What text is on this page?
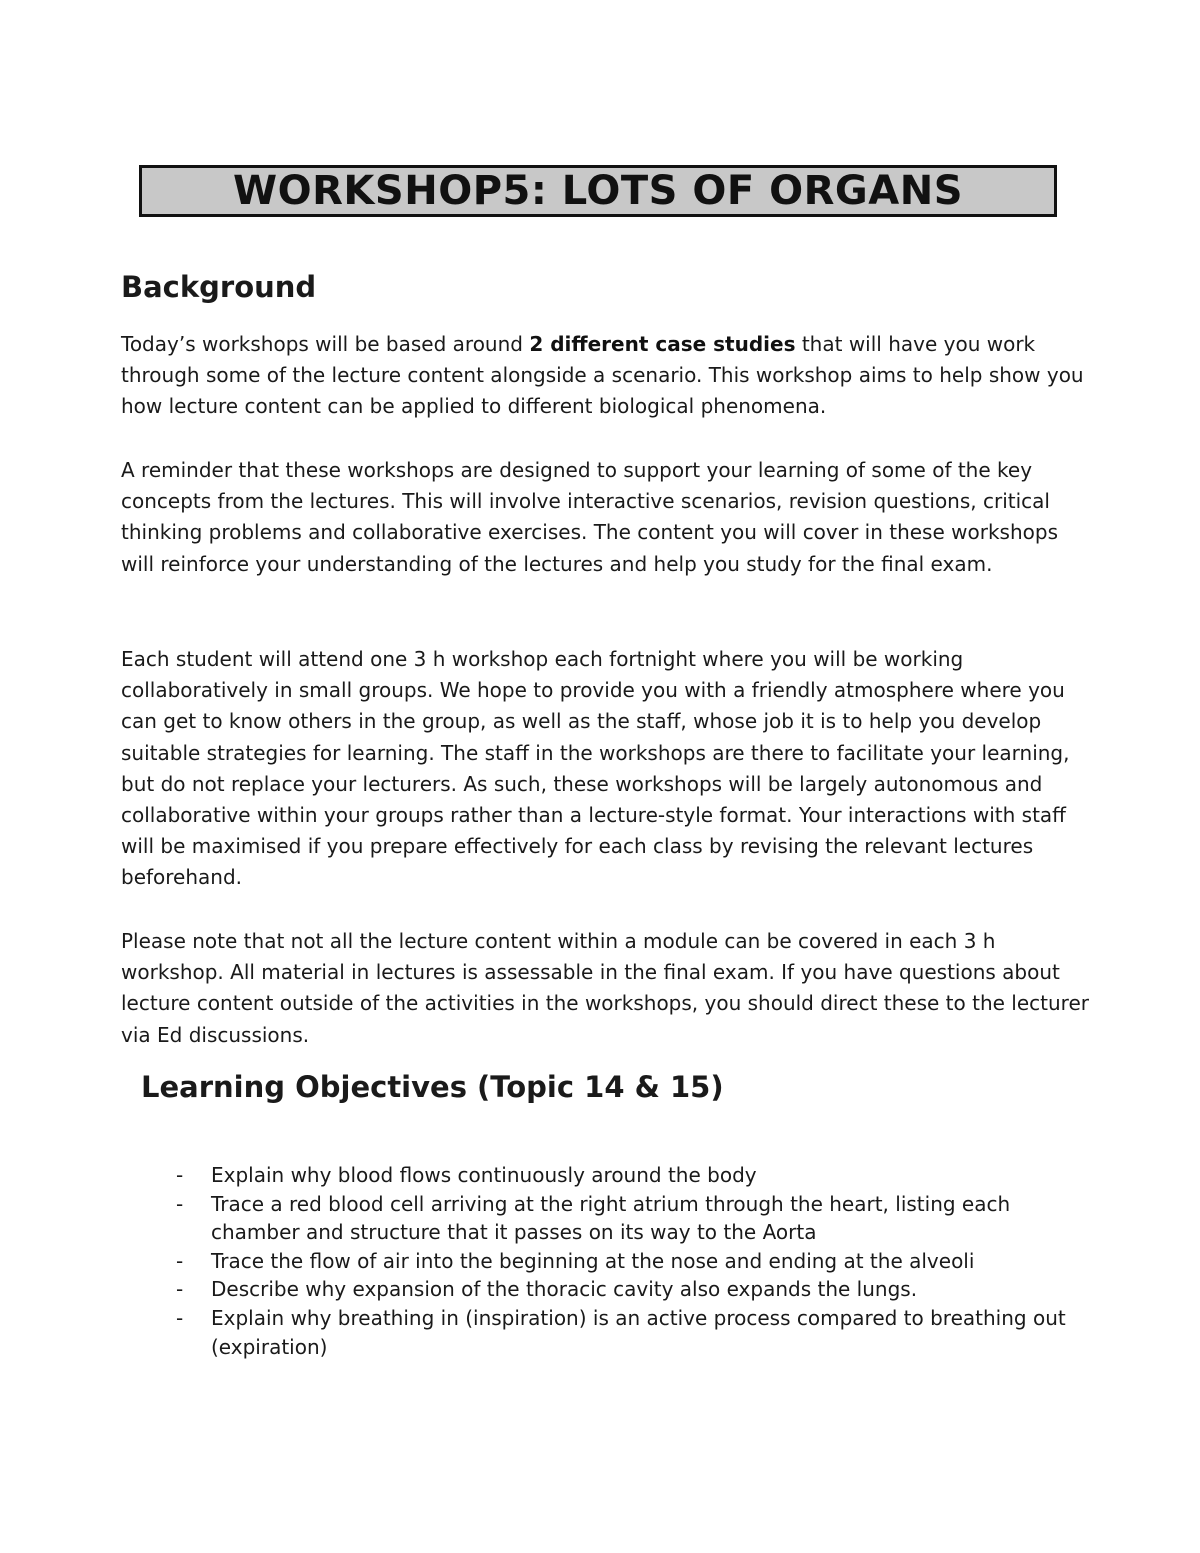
WORKSHOP5: LOTS OF ORGANS
Background

Today’s workshops will be based around 2 different case studies that will have you work through some of the lecture content alongside a scenario. This workshop aims to help show you how lecture content can be applied to different biological phenomena.

A reminder that these workshops are designed to support your learning of some of the key concepts from the lectures. This will involve interactive scenarios, revision questions, critical thinking problems and collaborative exercises. The content you will cover in these workshops will reinforce your understanding of the lectures and help you study for the final exam.

Each student will attend one 3 h workshop each fortnight where you will be working collaboratively in small groups. We hope to provide you with a friendly atmosphere where you can get to know others in the group, as well as the staff, whose job it is to help you develop suitable strategies for learning. The staff in the workshops are there to facilitate your learning, but do not replace your lecturers. As such, these workshops will be largely autonomous and collaborative within your groups rather than a lecture-style format. Your interactions with staff will be maximised if you prepare effectively for each class by revising the relevant lectures beforehand.

Please note that not all the lecture content within a module can be covered in each 3 h workshop. All material in lectures is assessable in the final exam. If you have questions about lecture content outside of the activities in the workshops, you should direct these to the lecturer via Ed discussions.

Learning Objectives (Topic 14 & 15)
- Explain why blood flows continuously around the body
- Trace a red blood cell arriving at the right atrium through the heart, listing each chamber and structure that it passes on its way to the Aorta
- Trace the flow of air into the beginning at the nose and ending at the alveoli
- Describe why expansion of the thoracic cavity also expands the lungs.
- Explain why breathing in (inspiration) is an active process compared to breathing out (expiration)
